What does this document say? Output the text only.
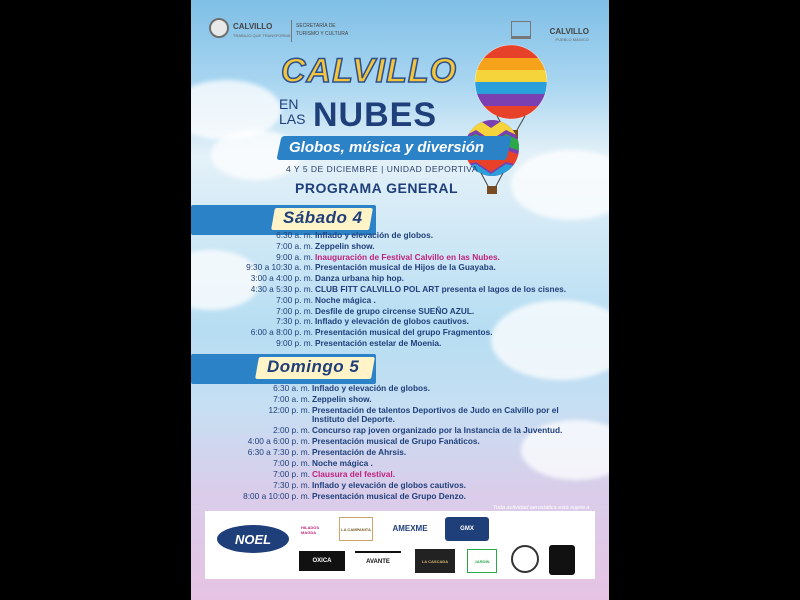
CALVILLO
TRABAJO QUE TRANSFORMA
SECRETARÍA DE
TURISMO Y CULTURA	CALVILLO
PUEBLO MÁGICO
CALVILLO
EN
LAS NUBES
Globos, música y diversión
4 Y 5 DE DICIEMBRE | UNIDAD DEPORTIVA
PROGRAMA GENERAL
Sábado 4
6:30 a. m. Inflado y elevación de globos.
7:00 a. m. Zeppelin show.
9:00 a. m. Inauguración de Festival Calvillo en las Nubes.
9:30 a 10:30 a. m. Presentación musical de Hijos de la Guayaba.
3:00 a 4:00 p. m. Danza urbana hip hop.
4:30 a 5:30 p. m. CLUB FITT CALVILLO POL ART presenta el lagos de los cisnes.
7:00 p. m. Noche mágica .
7:00 p. m. Desfile de grupo circense SUEÑO AZUL.
7:30 p. m. Inflado y elevación de globos cautivos.
6:00 a 8:00 p. m. Presentación musical del grupo Fragmentos.
9:00 p. m. Presentación estelar de Moenia.
Domingo 5
6:30 a. m. Inflado y elevación de globos.
7:00 a. m. Zeppelin show.
12:00 p. m. Presentación de talentos Deportivos de Judo en Calvillo por el
Instituto del Deporte.
2:00 p. m. Concurso rap joven organizado por la Instancia de la Juventud.
4:00 a 6:00 p. m. Presentación musical de Grupo Fanáticos.
6:30 a 7:30 p. m. Presentación de Ahrsis.
7:00 p. m. Noche mágica .
7:00 p. m. Clausura del festival.
7:30 p. m. Inflado y elevación de globos cautivos.
8:00 a 10:00 p. m. Presentación musical de Grupo Denzo.
Toda actividad aerostática está sujeta a
NOEL
HILADOS MAGDA
LA CAMPANITA	AMEXME	GMX
OXICA	AVANTE	LA CASCADA	JARDÍN
